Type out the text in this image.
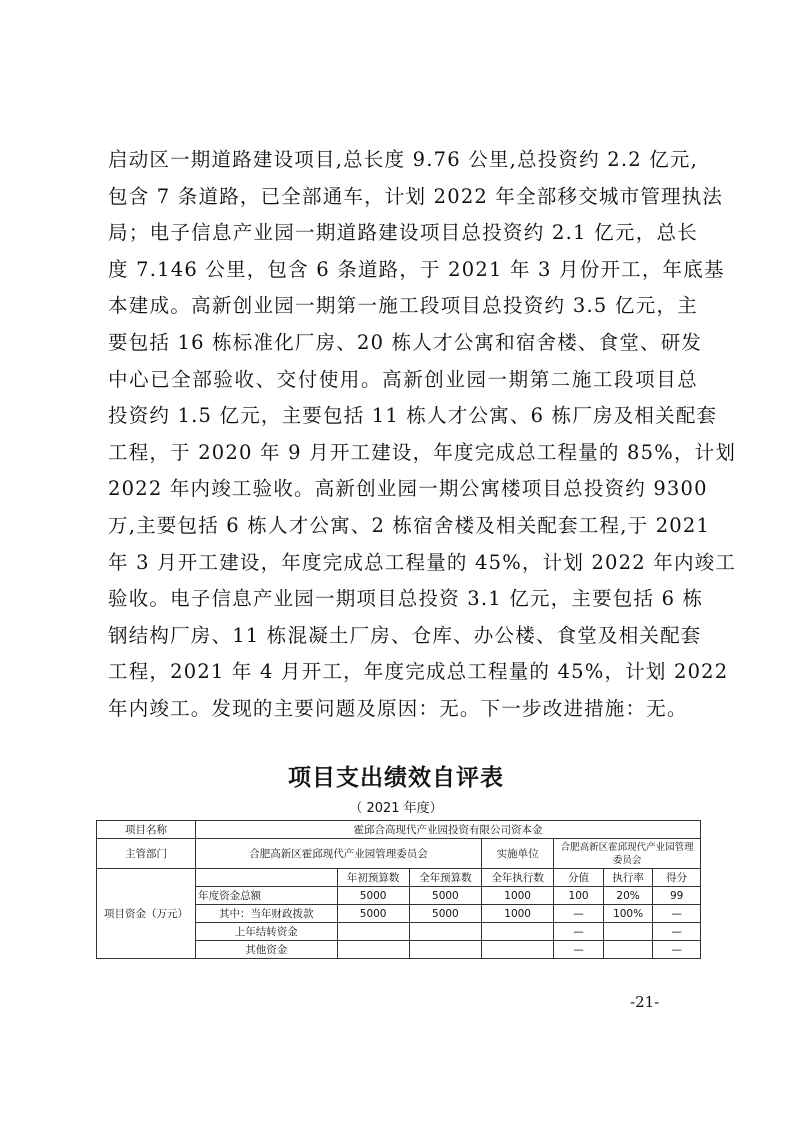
启动区一期道路建设项目,总长度 9.76 公里,总投资约 2.2 亿元,
包含 7 条道路，已全部通车，计划 2022 年全部移交城市管理执法
局；电子信息产业园一期道路建设项目总投资约 2.1 亿元，总长
度 7.146 公里，包含 6 条道路，于 2021 年 3 月份开工，年底基
本建成。高新创业园一期第一施工段项目总投资约 3.5 亿元，主
要包括 16 栋标准化厂房、20 栋人才公寓和宿舍楼、食堂、研发
中心已全部验收、交付使用。高新创业园一期第二施工段项目总
投资约 1.5 亿元，主要包括 11 栋人才公寓、6 栋厂房及相关配套
工程，于 2020 年 9 月开工建设，年度完成总工程量的 85%，计划
2022 年内竣工验收。高新创业园一期公寓楼项目总投资约 9300
万,主要包括 6 栋人才公寓、2 栋宿舍楼及相关配套工程,于 2021
年 3 月开工建设，年度完成总工程量的 45%，计划 2022 年内竣工
验收。电子信息产业园一期项目总投资 3.1 亿元，主要包括 6 栋
钢结构厂房、11 栋混凝土厂房、仓库、办公楼、食堂及相关配套
工程，2021 年 4 月开工，年度完成总工程量的 45%，计划 2022
年内竣工。发现的主要问题及原因：无。下一步改进措施：无。
项目支出绩效自评表
（ 2021 年度）
项目名称	霍邱合高现代产业园投资有限公司资本金						
主管部门	合肥高新区霍邱现代产业园管理委员会			实施单位	合肥高新区霍邱现代产业园管理委员会		
项目资金（万元）		年初预算数	全年预算数	全年执行数	分值	执行率	得分
	年度资金总额	5000	5000	1000	100	20%	99
	其中：当年财政拨款	5000	5000	1000	—	100%	—
	上年结转资金				—		—
	其他资金				—		—
-21-
